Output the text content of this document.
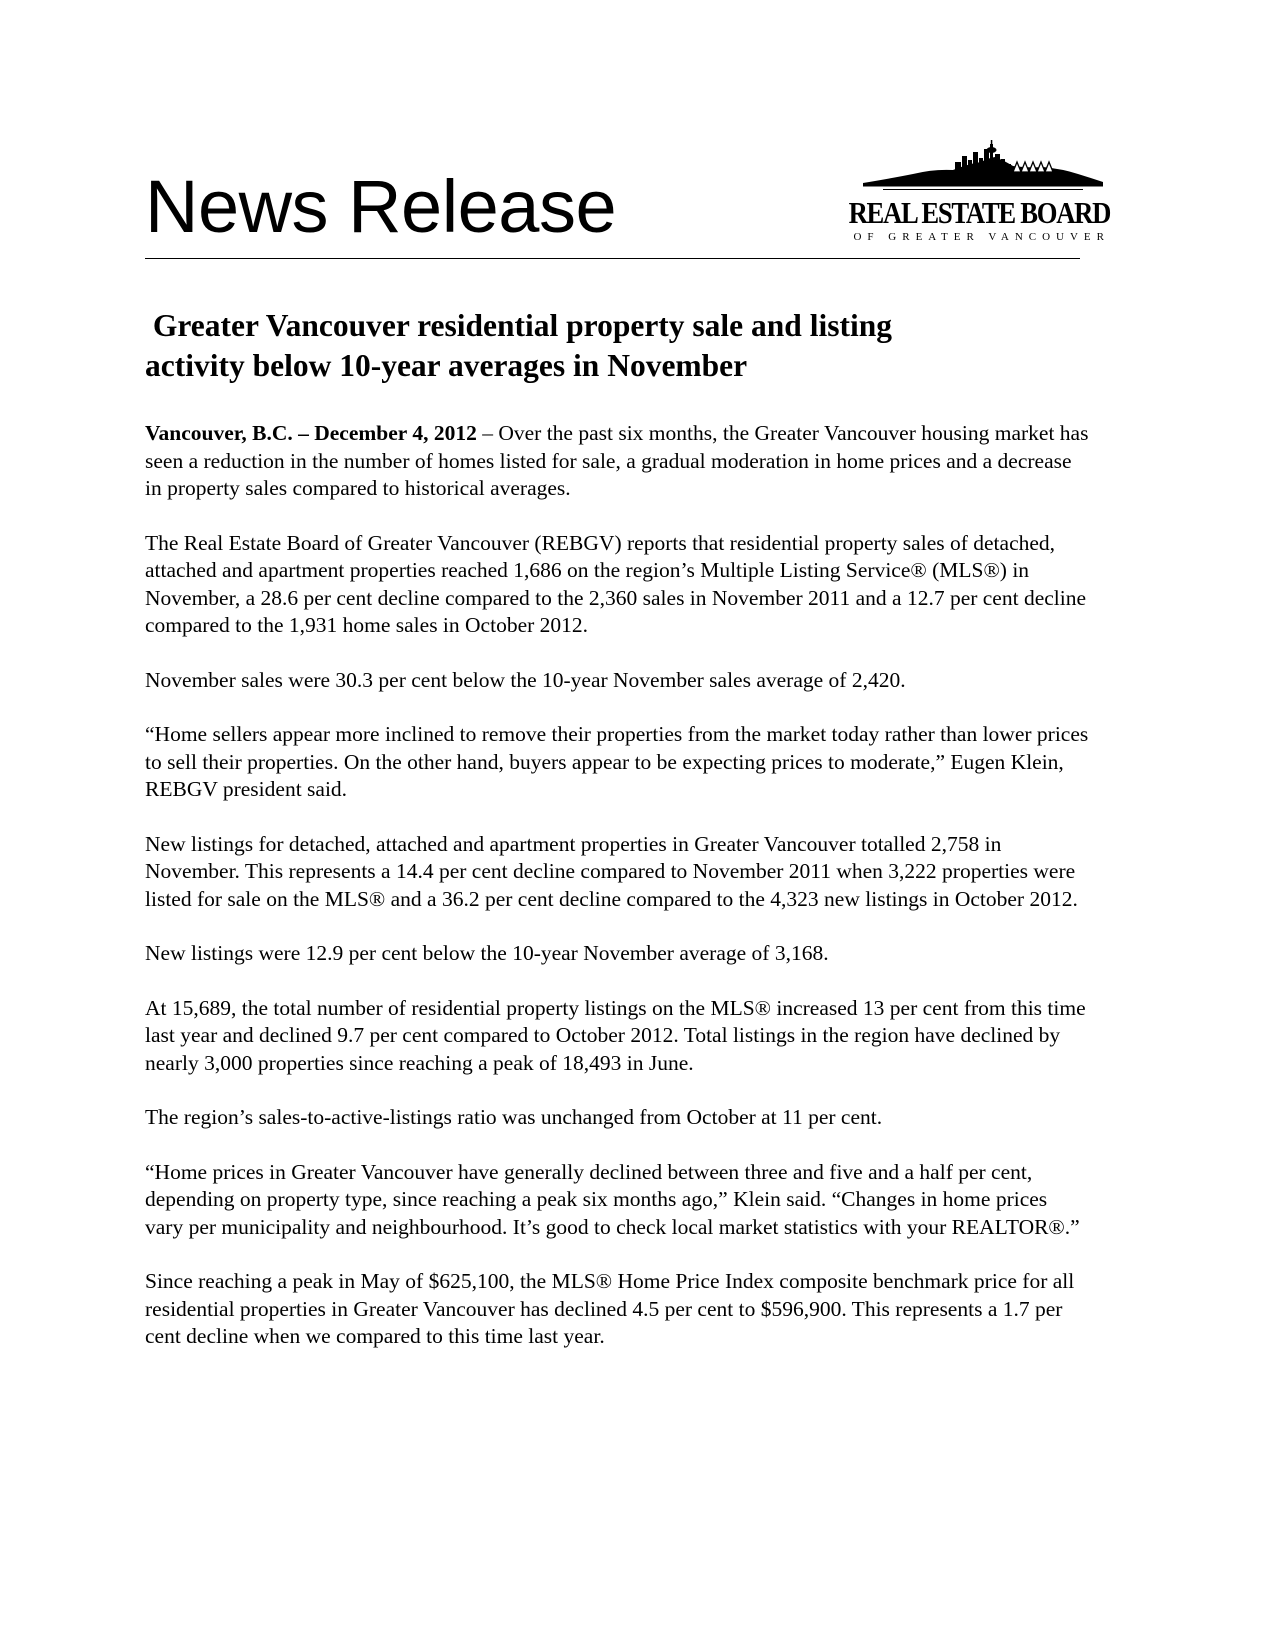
News Release	REAL ESTATE BOARD
OF GREATER VANCOUVER
Greater Vancouver residential property sale and listing
activity below 10-year averages in November

Vancouver, B.C. – December 4, 2012 – Over the past six months, the Greater Vancouver housing market has seen a reduction in the number of homes listed for sale, a gradual moderation in home prices and a decrease in property sales compared to historical averages.

The Real Estate Board of Greater Vancouver (REBGV) reports that residential property sales of detached, attached and apartment properties reached 1,686 on the region’s Multiple Listing Service® (MLS®) in November, a 28.6 per cent decline compared to the 2,360 sales in November 2011 and a 12.7 per cent decline compared to the 1,931 home sales in October 2012.

November sales were 30.3 per cent below the 10-year November sales average of 2,420.

“Home sellers appear more inclined to remove their properties from the market today rather than lower prices to sell their properties. On the other hand, buyers appear to be expecting prices to moderate,” Eugen Klein, REBGV president said.

New listings for detached, attached and apartment properties in Greater Vancouver totalled 2,758 in November. This represents a 14.4 per cent decline compared to November 2011 when 3,222 properties were listed for sale on the MLS® and a 36.2 per cent decline compared to the 4,323 new listings in October 2012.

New listings were 12.9 per cent below the 10-year November average of 3,168.

At 15,689, the total number of residential property listings on the MLS® increased 13 per cent from this time last year and declined 9.7 per cent compared to October 2012. Total listings in the region have declined by nearly 3,000 properties since reaching a peak of 18,493 in June.

The region’s sales-to-active-listings ratio was unchanged from October at 11 per cent.

“Home prices in Greater Vancouver have generally declined between three and five and a half per cent, depending on property type, since reaching a peak six months ago,” Klein said. “Changes in home prices vary per municipality and neighbourhood. It’s good to check local market statistics with your REALTOR®.”

Since reaching a peak in May of $625,100, the MLS® Home Price Index composite benchmark price for all residential properties in Greater Vancouver has declined 4.5 per cent to $596,900. This represents a 1.7 per cent decline when we compared to this time last year.
